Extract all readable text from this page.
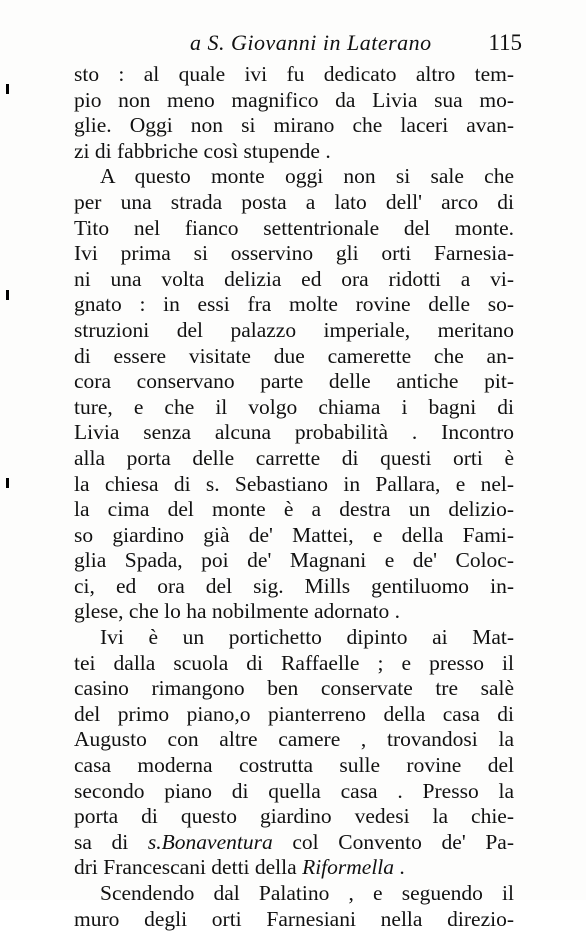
a S. Giovanni in Laterano 115
sto : al quale ivi fu dedicato altro tem-
pio non meno magnifico da Livia sua mo-
glie. Oggi non si mirano che laceri avan-
zi di fabbriche così stupende .
A questo monte oggi non si sale che
per una strada posta a lato dell' arco di
Tito nel fianco settentrionale del monte.
Ivi prima si osservino gli orti Farnesia-
ni una volta delizia ed ora ridotti a vi-
gnato : in essi fra molte rovine delle so-
struzioni del palazzo imperiale, meritano
di essere visitate due camerette che an-
cora conservano parte delle antiche pit-
ture, e che il volgo chiama i bagni di
Livia senza alcuna probabilità . Incontro
alla porta delle carrette di questi orti è
la chiesa di s. Sebastiano in Pallara, e nel-
la cima del monte è a destra un delizio-
so giardino già de' Mattei, e della Fami-
glia Spada, poi de' Magnani e de' Coloc-
ci, ed ora del sig. Mills gentiluomo in-
glese, che lo ha nobilmente adornato .
Ivi è un portichetto dipinto ai Mat-
tei dalla scuola di Raffaelle ; e presso il
casino rimangono ben conservate tre salè
del primo piano,o pianterreno della casa di
Augusto con altre camere , trovandosi la
casa moderna costrutta sulle rovine del
secondo piano di quella casa . Presso la
porta di questo giardino vedesi la chie-
sa di s.Bonaventura col Convento de' Pa-
dri Francescani detti della Riformella .
Scendendo dal Palatino , e seguendo il
muro degli orti Farnesiani nella direzio-
